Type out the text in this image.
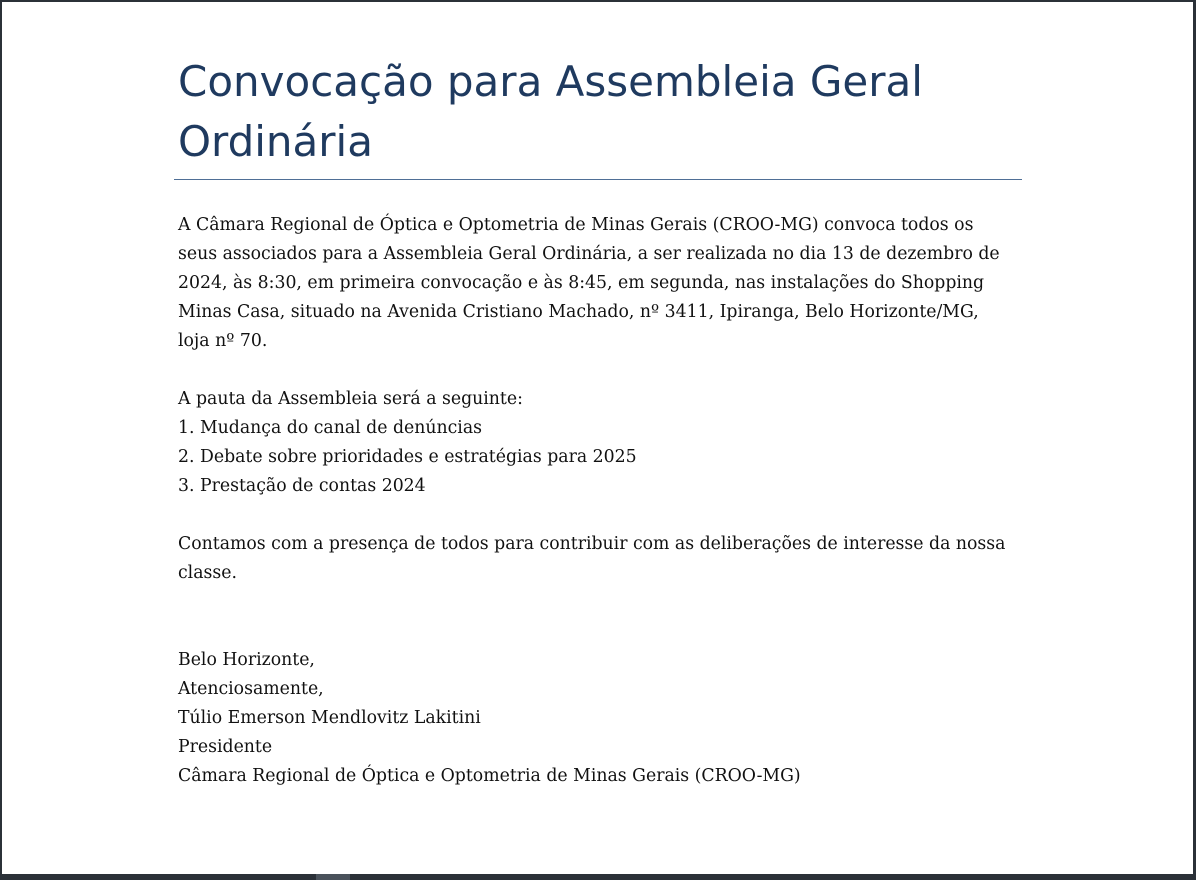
Convocação para Assembleia Geral Ordinária

A Câmara Regional de Óptica e Optometria de Minas Gerais (CROO-MG) convoca todos os seus associados para a Assembleia Geral Ordinária, a ser realizada no dia 13 de dezembro de 2024, às 8:30, em primeira convocação e às 8:45, em segunda, nas instalações do Shopping Minas Casa, situado na Avenida Cristiano Machado, nº 3411, Ipiranga, Belo Horizonte/MG, loja nº 70.

A pauta da Assembleia será a seguinte:

1. Mudança do canal de denúncias

2. Debate sobre prioridades e estratégias para 2025

3. Prestação de contas 2024

Contamos com a presença de todos para contribuir com as deliberações de interesse da nossa classe.

Belo Horizonte,

Atenciosamente,

Túlio Emerson Mendlovitz Lakitini

Presidente

Câmara Regional de Óptica e Optometria de Minas Gerais (CROO-MG)
